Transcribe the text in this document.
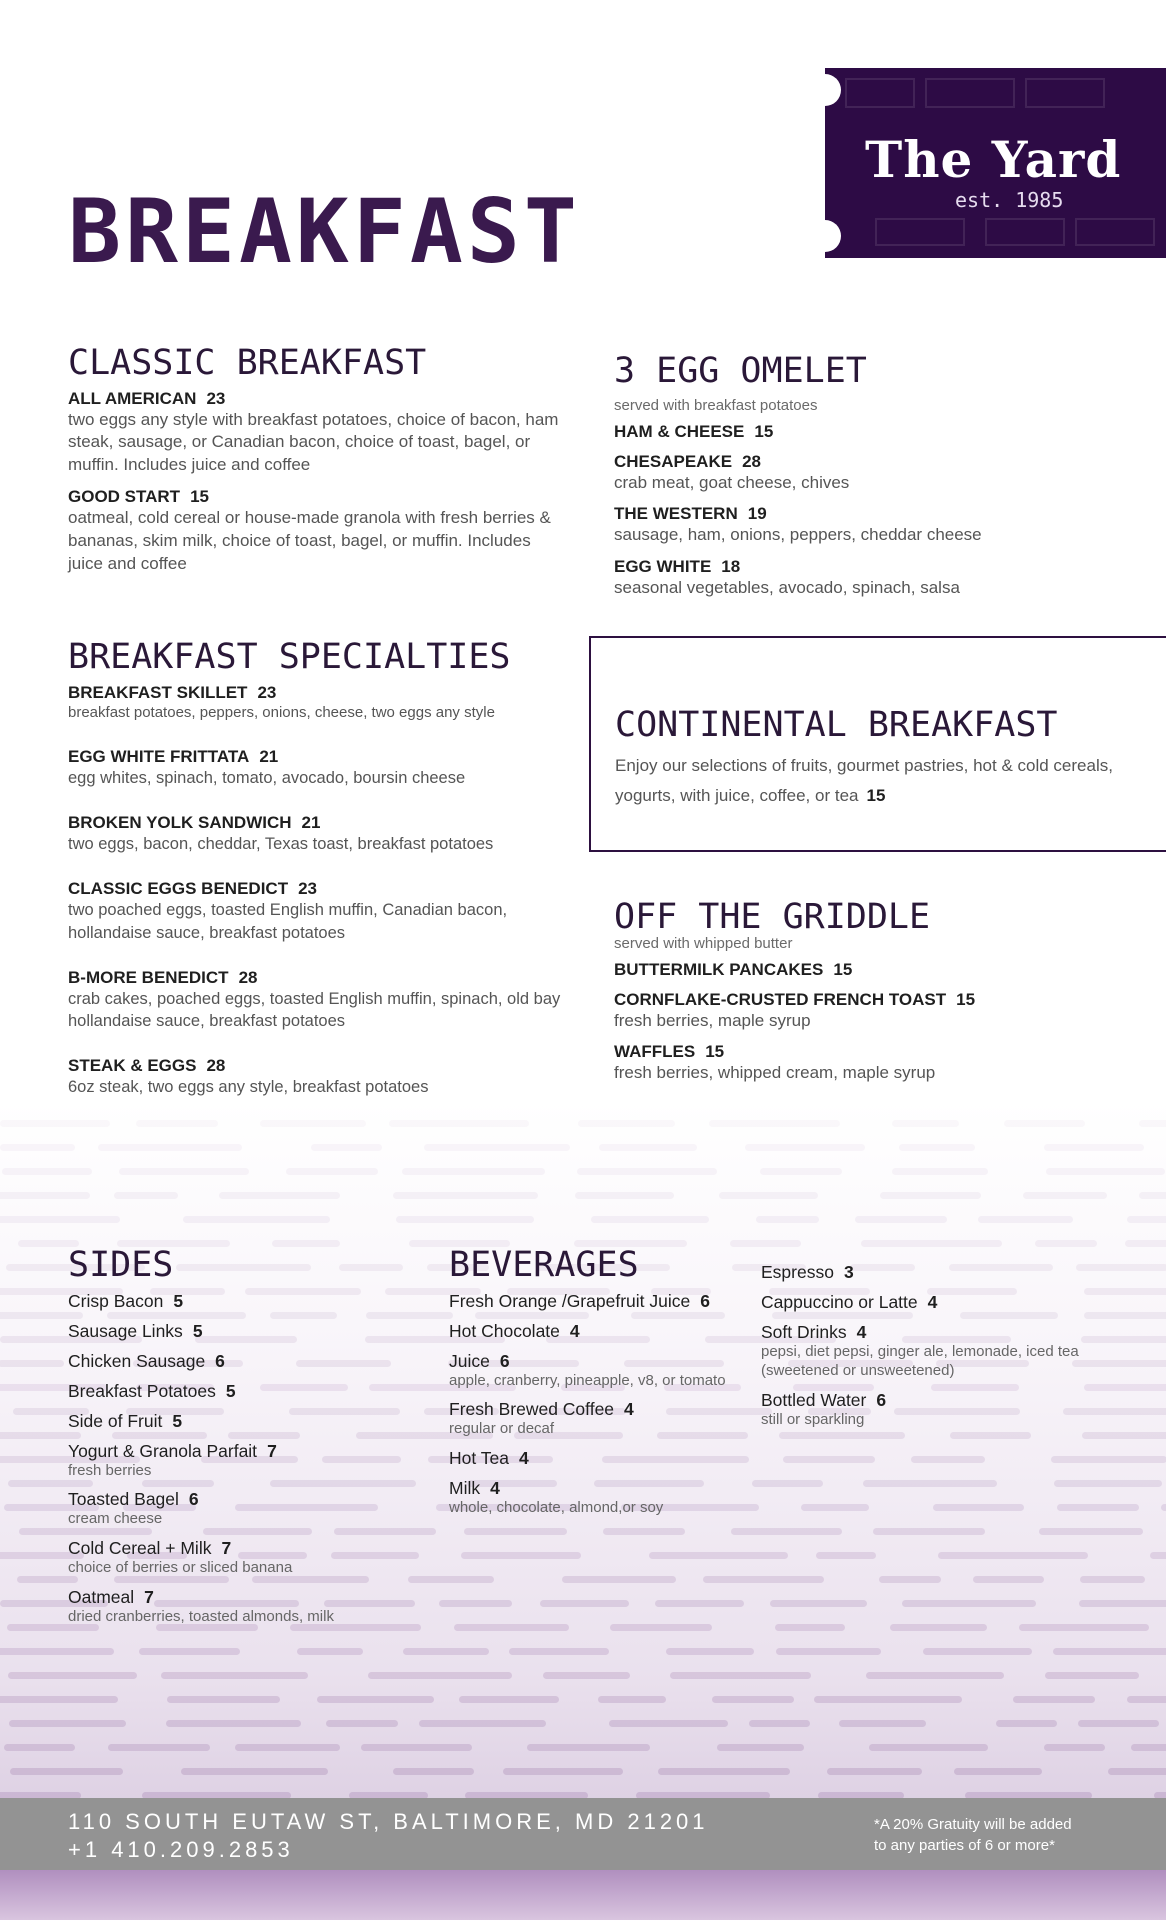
BREAKFAST
The Yard
est. 1985
CLASSIC BREAKFAST
ALL AMERICAN 23
two eggs any style with breakfast potatoes, choice of bacon, ham steak, sausage, or Canadian bacon, choice of toast, bagel, or muffin. Includes juice and coffee
GOOD START 15
oatmeal, cold cereal or house-made granola with fresh berries & bananas, skim milk, choice of toast, bagel, or muffin. Includes juice and coffee
3 EGG OMELET
served with breakfast potatoes
HAM & CHEESE 15
CHESAPEAKE 28
crab meat, goat cheese, chives
THE WESTERN 19
sausage, ham, onions, peppers, cheddar cheese
EGG WHITE 18
seasonal vegetables, avocado, spinach, salsa
BREAKFAST SPECIALTIES
BREAKFAST SKILLET 23
breakfast potatoes, peppers, onions, cheese, two eggs any style
EGG WHITE FRITTATA 21
egg whites, spinach, tomato, avocado, boursin cheese
BROKEN YOLK SANDWICH 21
two eggs, bacon, cheddar, Texas toast, breakfast potatoes
CLASSIC EGGS BENEDICT 23
two poached eggs, toasted English muffin, Canadian bacon, hollandaise sauce, breakfast potatoes
B-MORE BENEDICT 28
crab cakes, poached eggs, toasted English muffin, spinach, old bay hollandaise sauce, breakfast potatoes
STEAK & EGGS 28
6oz steak, two eggs any style, breakfast potatoes
CONTINENTAL BREAKFAST
Enjoy our selections of fruits, gourmet pastries, hot & cold cereals, yogurts, with juice, coffee, or tea 15
OFF THE GRIDDLE
served with whipped butter
BUTTERMILK PANCAKES 15
CORNFLAKE-CRUSTED FRENCH TOAST 15
fresh berries, maple syrup
WAFFLES 15
fresh berries, whipped cream, maple syrup
SIDES
Crisp Bacon 5
Sausage Links 5
Chicken Sausage 6
Breakfast Potatoes 5
Side of Fruit 5
Yogurt & Granola Parfait 7
fresh berries
Toasted Bagel 6
cream cheese
Cold Cereal + Milk 7
choice of berries or sliced banana
Oatmeal 7
dried cranberries, toasted almonds, milk
BEVERAGES
Fresh Orange /Grapefruit Juice 6
Hot Chocolate 4
Juice 6
apple, cranberry, pineapple, v8, or tomato
Fresh Brewed Coffee 4
regular or decaf
Hot Tea 4
Milk 4
whole, chocolate, almond,or soy
Espresso 3
Cappuccino or Latte 4
Soft Drinks 4
pepsi, diet pepsi, ginger ale, lemonade, iced tea (sweetened or unsweetened)
Bottled Water 6
still or sparkling
110 SOUTH EUTAW ST, BALTIMORE, MD 21201
+1 410.209.2853
*A 20% Gratuity will be added
to any parties of 6 or more*
